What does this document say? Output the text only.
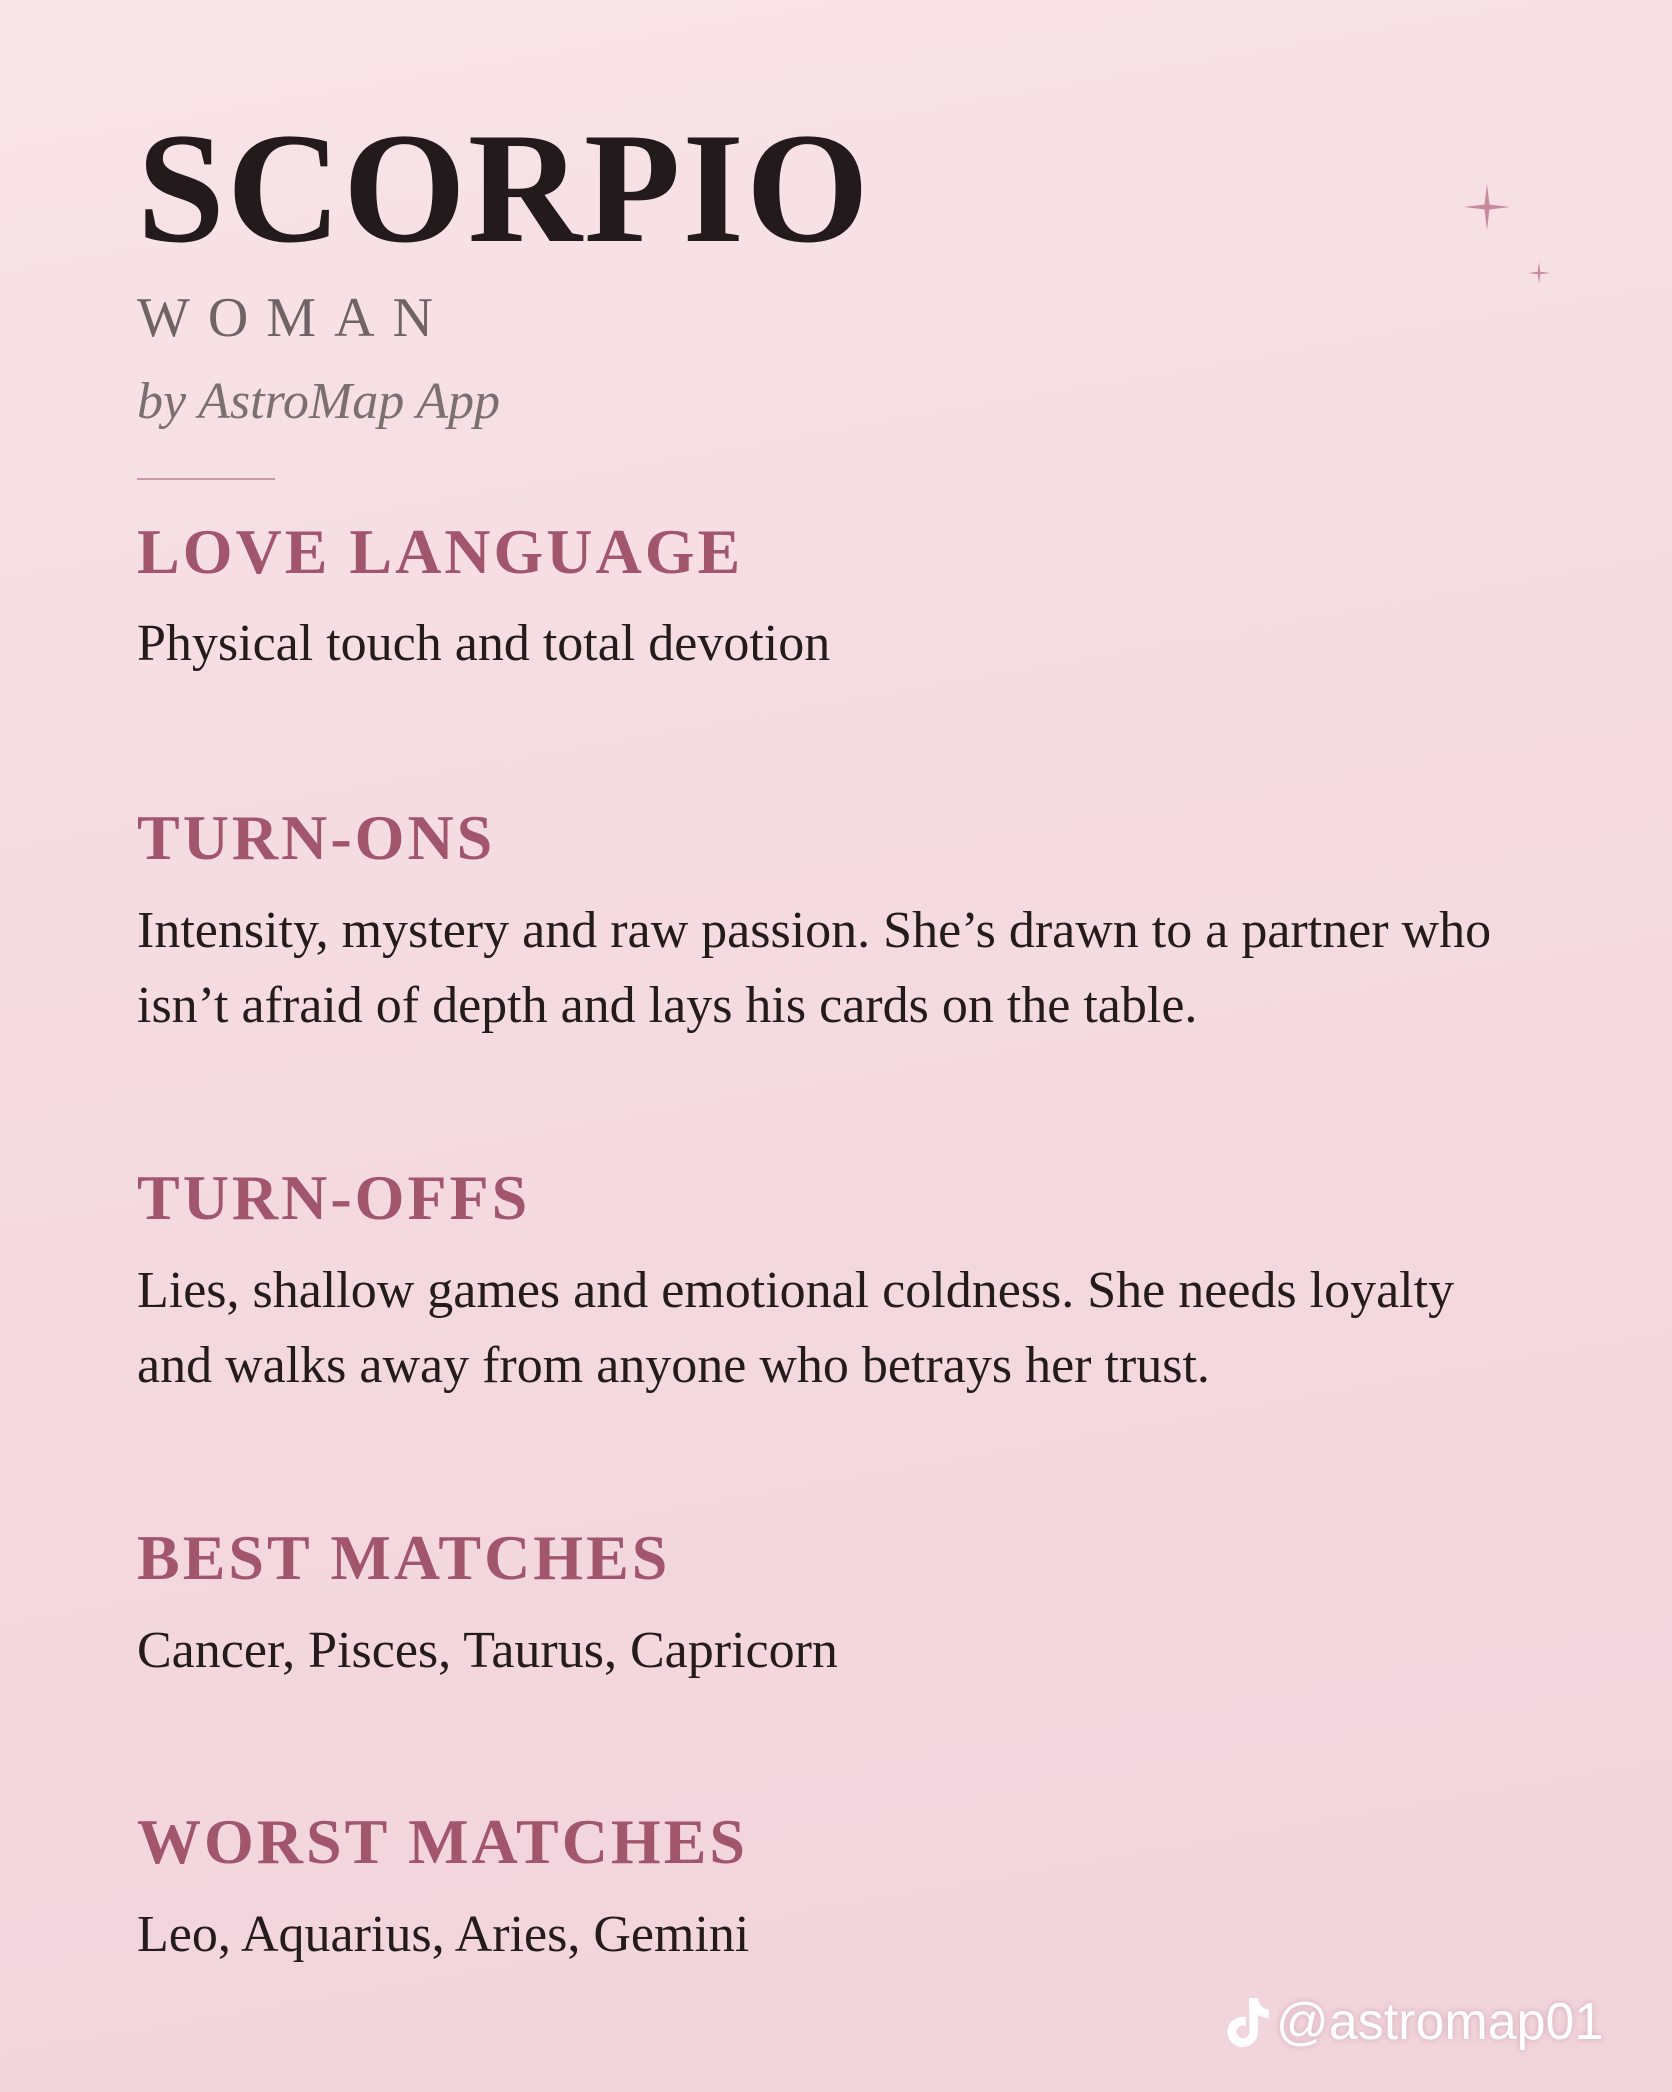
SCORPIO
WOMAN
by AstroMap App
LOVE LANGUAGE

Physical touch and total devotion

TURN-ONS

Intensity, mystery and raw passion. She’s drawn to a partner who isn’t afraid of depth and lays his cards on the table.

TURN-OFFS

Lies, shallow games and emotional coldness. She needs loyalty and walks away from anyone who betrays her trust.

BEST MATCHES

Cancer, Pisces, Taurus, Capricorn

WORST MATCHES

Leo, Aquarius, Aries, Gemini

@astromap01
